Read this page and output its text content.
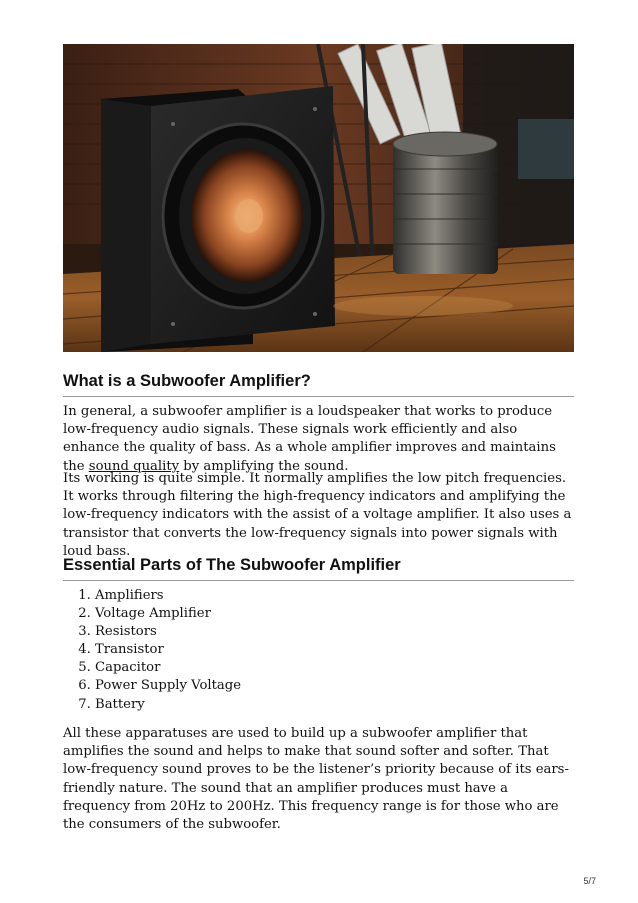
What is a Subwoofer Amplifier?

In general, a subwoofer amplifier is a loudspeaker that works to produce low-frequency audio signals. These signals work efficiently and also enhance the quality of bass. As a whole amplifier improves and maintains the sound quality by amplifying the sound.

Its working is quite simple. It normally amplifies the low pitch frequencies. It works through filtering the high-frequency indicators and amplifying the low-frequency indicators with the assist of a voltage amplifier. It also uses a transistor that converts the low-frequency signals into power signals with loud bass.

Essential Parts of The Subwoofer Amplifier
1. Amplifiers
2. Voltage Amplifier
3. Resistors
4. Transistor
5. Capacitor
6. Power Supply Voltage
7. Battery

All these apparatuses are used to build up a subwoofer amplifier that amplifies the sound and helps to make that sound softer and softer. That low-frequency sound proves to be the listener’s priority because of its ears-friendly nature. The sound that an amplifier produces must have a frequency from 20Hz to 200Hz. This frequency range is for those who are the consumers of the subwoofer.

5/7
